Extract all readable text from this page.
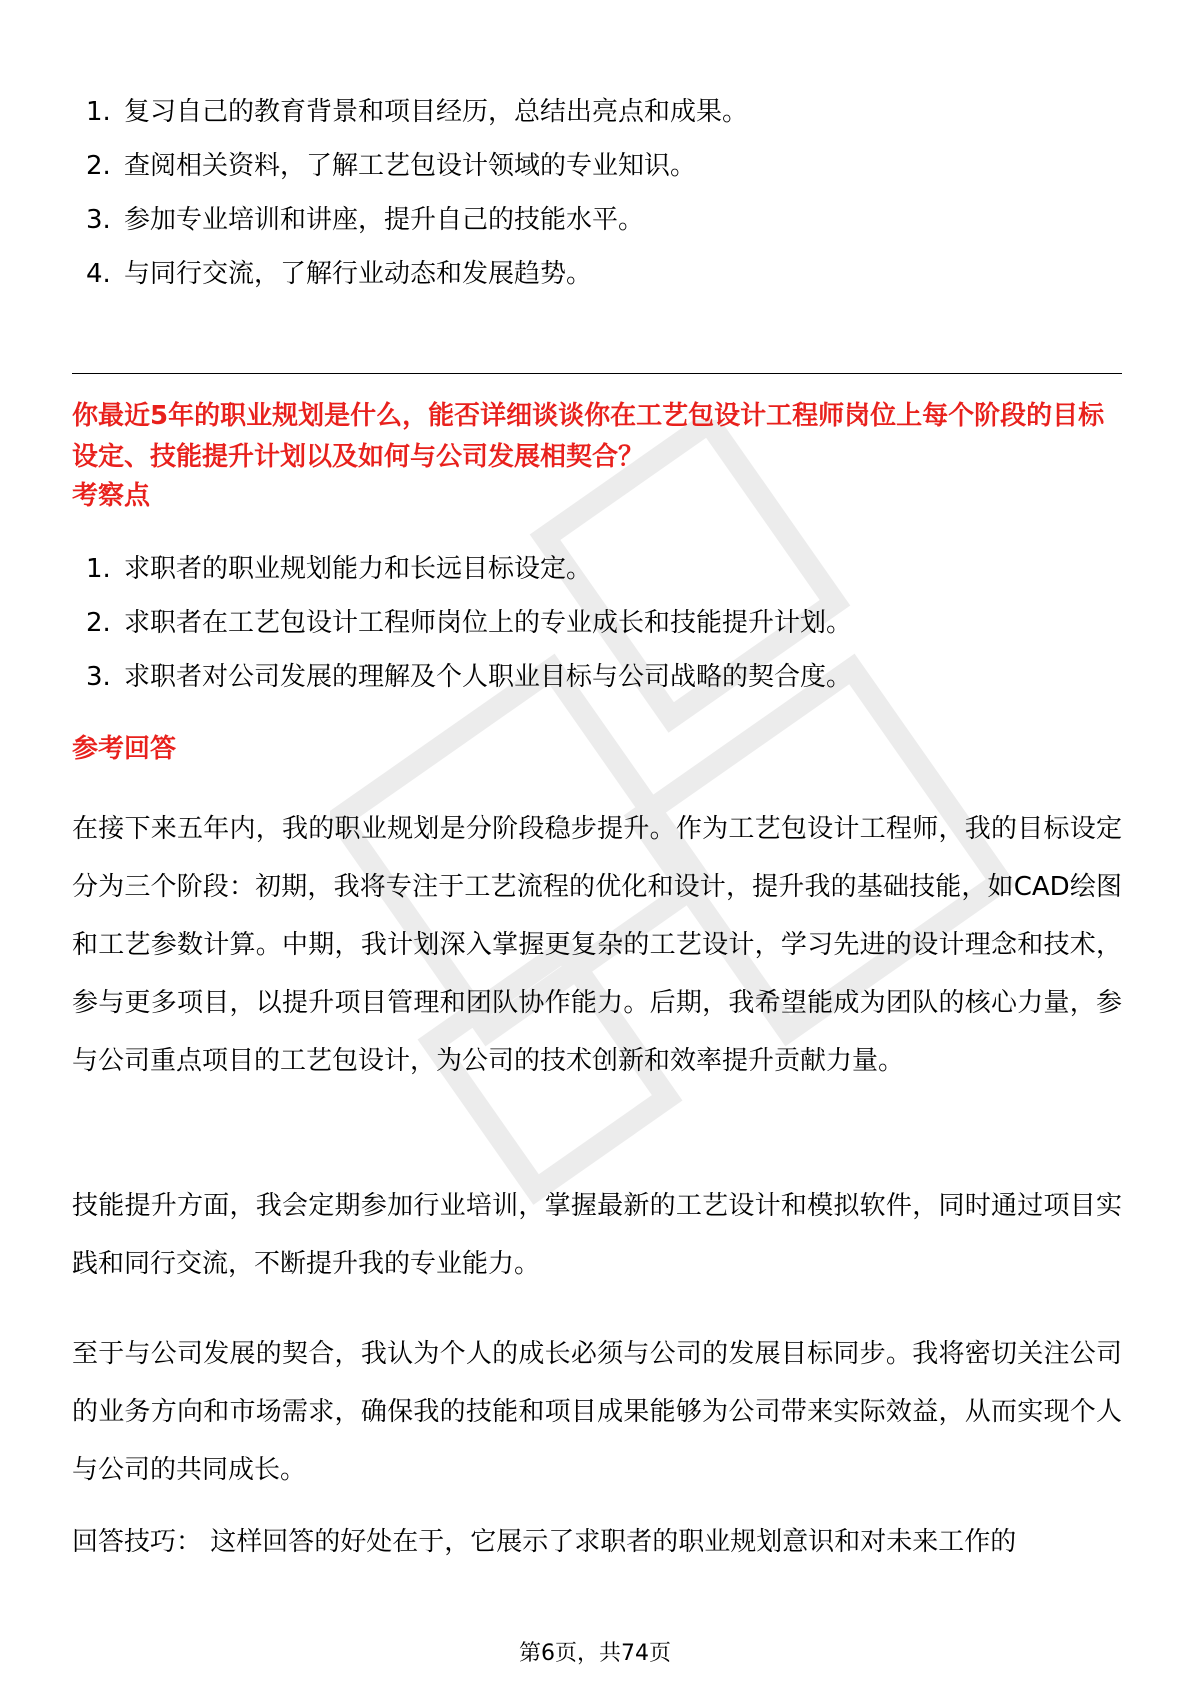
1. 复习自己的教育背景和项目经历，总结出亮点和成果。
2. 查阅相关资料，了解工艺包设计领域的专业知识。
3. 参加专业培训和讲座，提升自己的技能水平。
4. 与同行交流，了解行业动态和发展趋势。
你最近5年的职业规划是什么，能否详细谈谈你在工艺包设计工程师岗位上每个阶段的目标设定、技能提升计划以及如何与公司发展相契合？
考察点
1. 求职者的职业规划能力和长远目标设定。
2. 求职者在工艺包设计工程师岗位上的专业成长和技能提升计划。
3. 求职者对公司发展的理解及个人职业目标与公司战略的契合度。
参考回答
在接下来五年内，我的职业规划是分阶段稳步提升。作为工艺包设计工程师，我的目标设定分为三个阶段：初期，我将专注于工艺流程的优化和设计，提升我的基础技能，如CAD绘图和工艺参数计算。中期，我计划深入掌握更复杂的工艺设计，学习先进的设计理念和技术，参与更多项目，以提升项目管理和团队协作能力。后期，我希望能成为团队的核心力量，参与公司重点项目的工艺包设计，为公司的技术创新和效率提升贡献力量。
技能提升方面，我会定期参加行业培训，掌握最新的工艺设计和模拟软件，同时通过项目实践和同行交流，不断提升我的专业能力。
至于与公司发展的契合，我认为个人的成长必须与公司的发展目标同步。我将密切关注公司的业务方向和市场需求，确保我的技能和项目成果能够为公司带来实际效益，从而实现个人与公司的共同成长。
回答技巧： 这样回答的好处在于，它展示了求职者的职业规划意识和对未来工作的
第6页，共74页
